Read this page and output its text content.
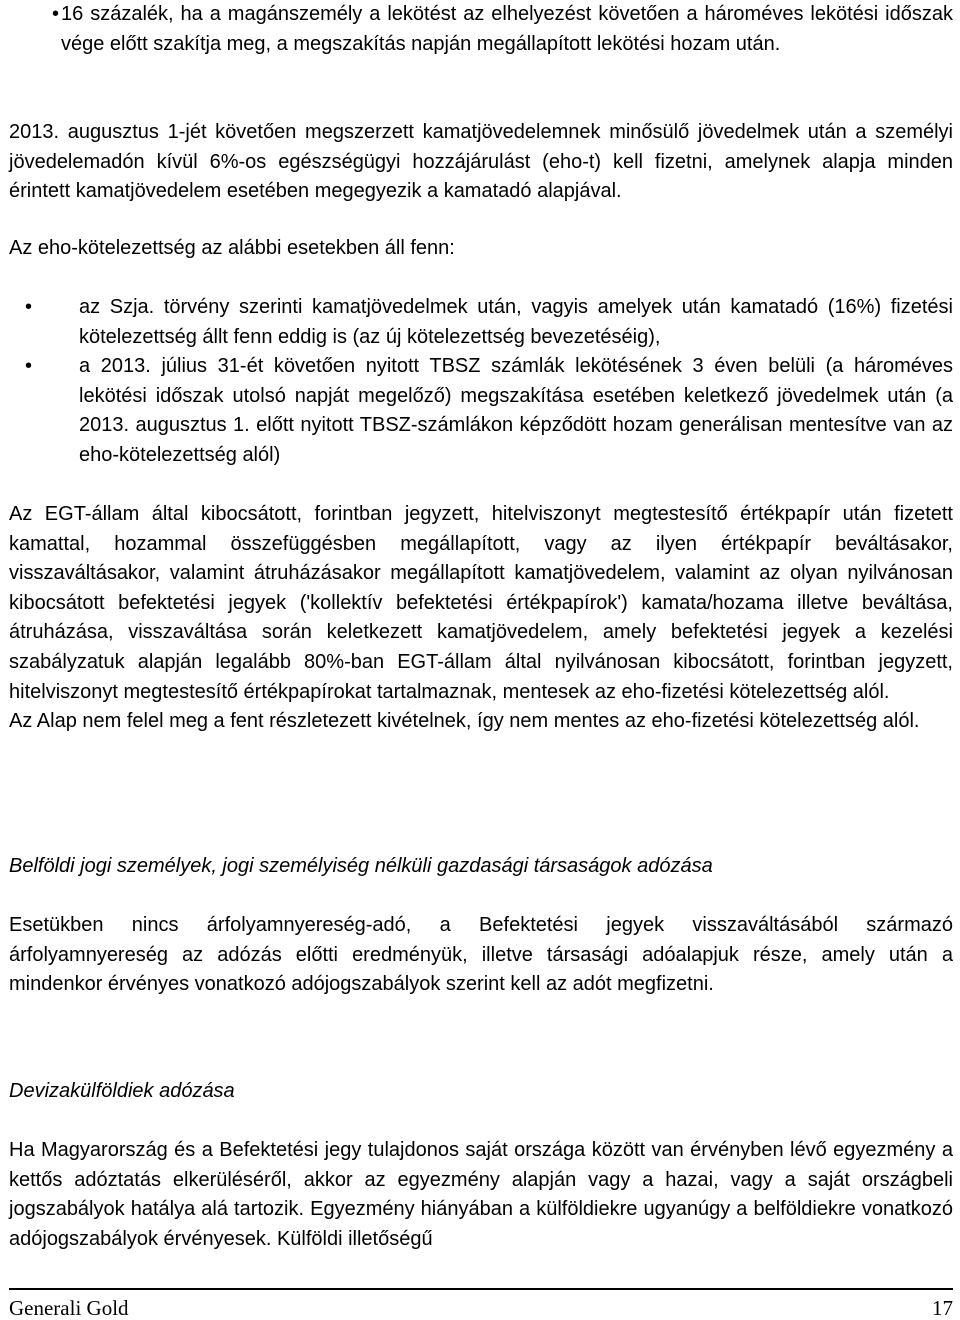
• 16 százalék, ha a magánszemély a lekötést az elhelyezést követően a hároméves lekötési időszak vége előtt szakítja meg, a megszakítás napján megállapított lekötési hozam után.

2013. augusztus 1-jét követően megszerzett kamatjövedelemnek minősülő jövedelmek után a személyi jövedelemadón kívül 6%-os egészségügyi hozzájárulást (eho-t) kell fizetni, amelynek alapja minden érintett kamatjövedelem esetében megegyezik a kamatadó alapjával.

Az eho-kötelezettség az alábbi esetekben áll fenn:

• az Szja. törvény szerinti kamatjövedelmek után, vagyis amelyek után kamatadó (16%) fizetési kötelezettség állt fenn eddig is (az új kötelezettség bevezetéséig),

• a 2013. július 31-ét követően nyitott TBSZ számlák lekötésének 3 éven belüli (a hároméves lekötési időszak utolsó napját megelőző) megszakítása esetében keletkező jövedelmek után (a 2013. augusztus 1. előtt nyitott TBSZ-számlákon képződött hozam generálisan mentesítve van az eho-kötelezettség alól)

Az EGT-állam által kibocsátott, forintban jegyzett, hitelviszonyt megtestesítő értékpapír után fizetett kamattal, hozammal összefüggésben megállapított, vagy az ilyen értékpapír beváltásakor, visszaváltásakor, valamint átruházásakor megállapított kamatjövedelem, valamint az olyan nyilvánosan kibocsátott befektetési jegyek ('kollektív befektetési értékpapírok') kamata/hozama illetve beváltása, átruházása, visszaváltása során keletkezett kamatjövedelem, amely befektetési jegyek a kezelési szabályzatuk alapján legalább 80%-ban EGT-állam által nyilvánosan kibocsátott, forintban jegyzett, hitelviszonyt megtestesítő értékpapírokat tartalmaznak, mentesek az eho-fizetési kötelezettség alól.

Az Alap nem felel meg a fent részletezett kivételnek, így nem mentes az eho-fizetési kötelezettség alól.

Belföldi jogi személyek, jogi személyiség nélküli gazdasági társaságok adózása

Esetükben nincs árfolyamnyereség-adó, a Befektetési jegyek visszaváltásából származó árfolyamnyereség az adózás előtti eredményük, illetve társasági adóalapjuk része, amely után a mindenkor érvényes vonatkozó adójogszabályok szerint kell az adót megfizetni.

Devizakülföldiek adózása

Ha Magyarország és a Befektetési jegy tulajdonos saját országa között van érvényben lévő egyezmény a kettős adóztatás elkerüléséről, akkor az egyezmény alapján vagy a hazai, vagy a saját országbeli jogszabályok hatálya alá tartozik. Egyezmény hiányában a külföldiekre ugyanúgy a belföldiekre vonatkozó adójogszabályok érvényesek. Külföldi illetőségű

Generali Gold	17
